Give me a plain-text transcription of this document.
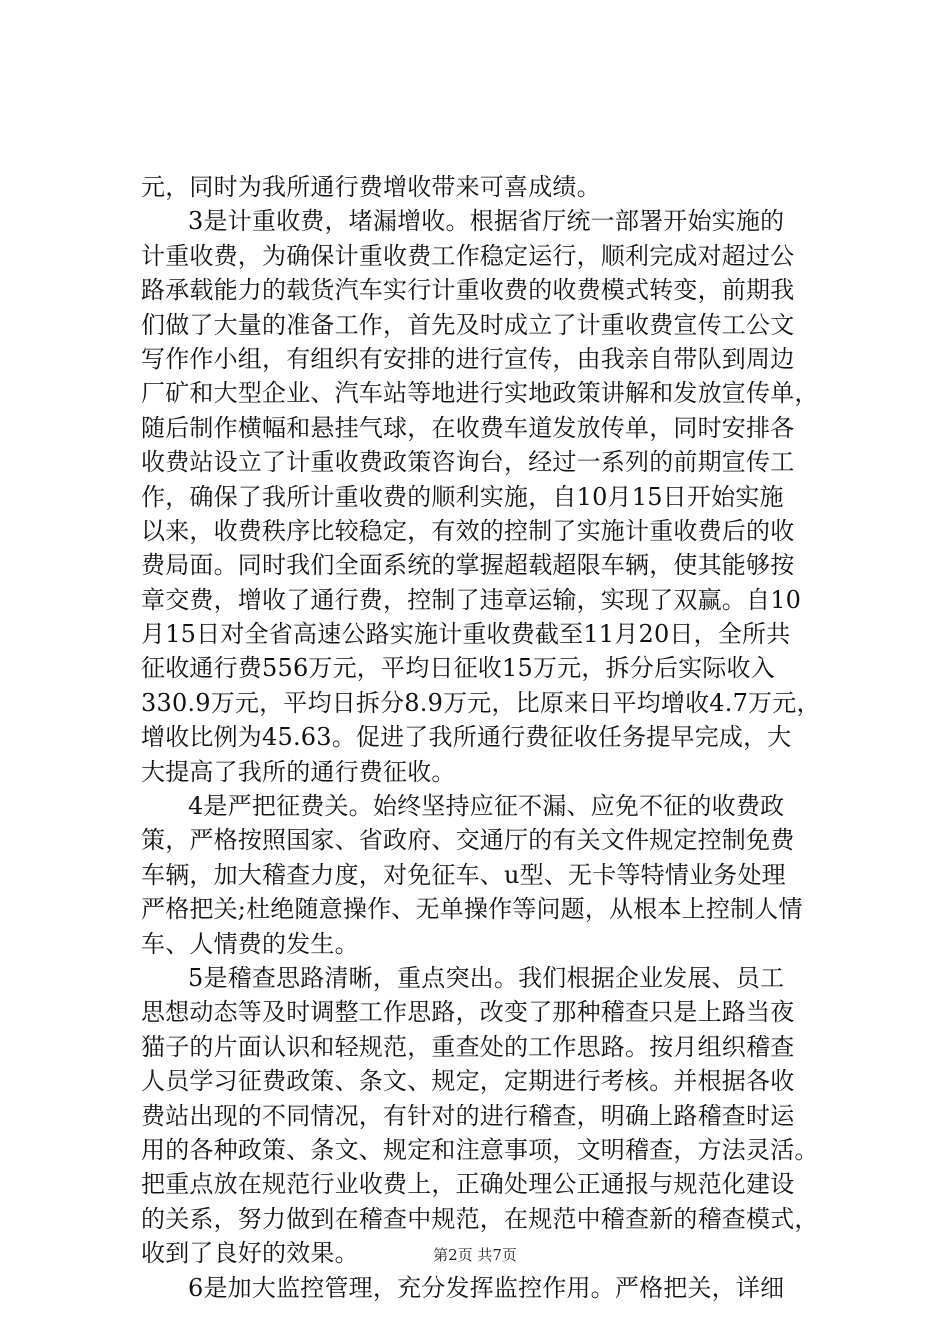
元，同时为我所通行费增收带来可喜成绩。
3是计重收费，堵漏增收。根据省厅统一部署开始实施的
计重收费，为确保计重收费工作稳定运行，顺利完成对超过公
路承载能力的载货汽车实行计重收费的收费模式转变，前期我
们做了大量的准备工作，首先及时成立了计重收费宣传工公文
写作作小组，有组织有安排的进行宣传，由我亲自带队到周边
厂矿和大型企业、汽车站等地进行实地政策讲解和发放宣传单，
随后制作横幅和悬挂气球，在收费车道发放传单，同时安排各
收费站设立了计重收费政策咨询台，经过一系列的前期宣传工
作，确保了我所计重收费的顺利实施，自10月15日开始实施
以来，收费秩序比较稳定，有效的控制了实施计重收费后的收
费局面。同时我们全面系统的掌握超载超限车辆，使其能够按
章交费，增收了通行费，控制了违章运输，实现了双赢。自10
月15日对全省高速公路实施计重收费截至11月20日，全所共
征收通行费556万元，平均日征收15万元，拆分后实际收入
330.9万元，平均日拆分8.9万元，比原来日平均增收4.7万元，
增收比例为45.63。促进了我所通行费征收任务提早完成，大
大提高了我所的通行费征收。
4是严把征费关。始终坚持应征不漏、应免不征的收费政
策，严格按照国家、省政府、交通厅的有关文件规定控制免费
车辆，加大稽查力度，对免征车、u型、无卡等特情业务处理
严格把关;杜绝随意操作、无单操作等问题，从根本上控制人情
车、人情费的发生。
5是稽查思路清晰，重点突出。我们根据企业发展、员工
思想动态等及时调整工作思路，改变了那种稽查只是上路当夜
猫子的片面认识和轻规范，重查处的工作思路。按月组织稽查
人员学习征费政策、条文、规定，定期进行考核。并根据各收
费站出现的不同情况，有针对的进行稽查，明确上路稽查时运
用的各种政策、条文、规定和注意事项，文明稽查，方法灵活。
把重点放在规范行业收费上，正确处理公正通报与规范化建设
的关系，努力做到在稽查中规范，在规范中稽查新的稽查模式，
收到了良好的效果。
6是加大监控管理，充分发挥监控作用。严格把关，详细
第2页 共7页
